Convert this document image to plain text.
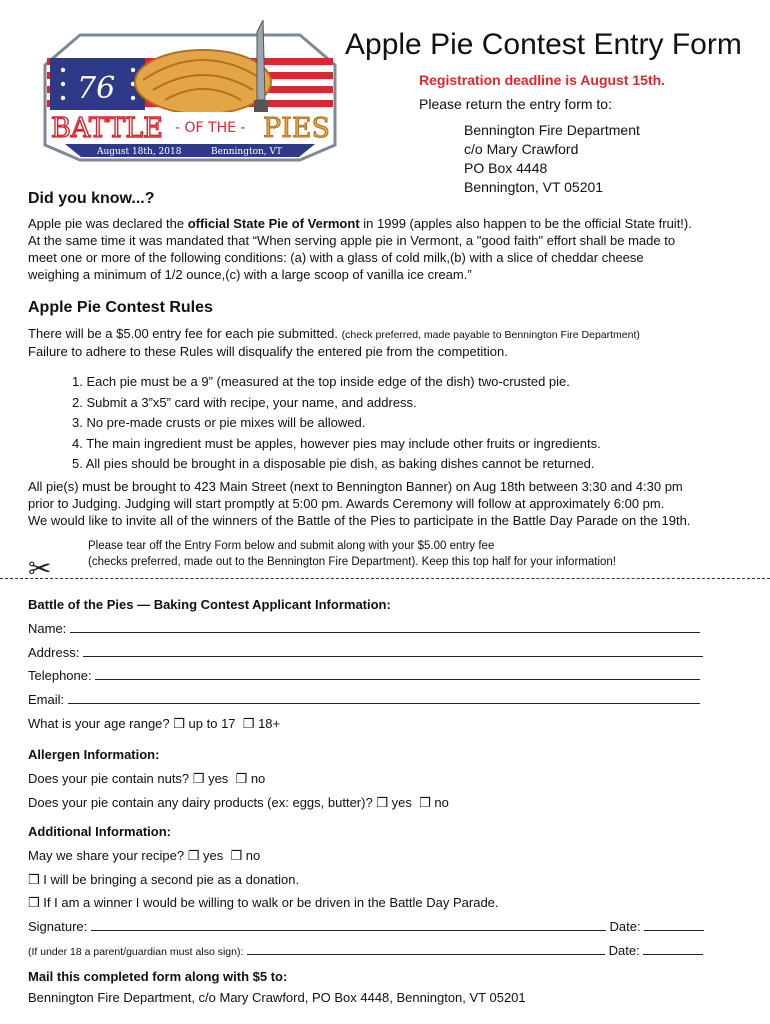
76
BATTLE - OF THE - PIES
August 18th, 2018	Bennington, VT
Apple Pie Contest Entry Form
Registration deadline is August 15th.
Please return the entry form to:
Bennington Fire Department
c/o Mary Crawford
PO Box 4448
Bennington, VT 05201
Did you know...?
Apple pie was declared the official State Pie of Vermont in 1999 (apples also happen to be the official State fruit!).
At the same time it was mandated that “When serving apple pie in Vermont, a "good faith" effort shall be made to
meet one or more of the following conditions: (a) with a glass of cold milk,(b) with a slice of cheddar cheese
weighing a minimum of 1/2 ounce,(c) with a large scoop of vanilla ice cream.”
Apple Pie Contest Rules
There will be a $5.00 entry fee for each pie submitted. (check preferred, made payable to Bennington Fire Department)
Failure to adhere to these Rules will disqualify the entered pie from the competition.
1. Each pie must be a 9” (measured at the top inside edge of the dish) two-crusted pie.
2. Submit a 3”x5” card with recipe, your name, and address.
3. No pre-made crusts or pie mixes will be allowed.
4. The main ingredient must be apples, however pies may include other fruits or ingredients.
5. All pies should be brought in a disposable pie dish, as baking dishes cannot be returned.
All pie(s) must be brought to 423 Main Street (next to Bennington Banner) on Aug 18th between 3:30 and 4:30 pm
prior to Judging. Judging will start promptly at 5:00 pm. Awards Ceremony will follow at approximately 6:00 pm.
We would like to invite all of the winners of the Battle of the Pies to participate in the Battle Day Parade on the 19th.
✂
Please tear off the Entry Form below and submit along with your $5.00 entry fee
(checks preferred, made out to the Bennington Fire Department). Keep this top half for your information!
Battle of the Pies — Baking Contest Applicant Information:
Name:
Address:
Telephone:
Email:
What is your age range? ❒ up to 17 ❒ 18+
Allergen Information:
Does your pie contain nuts? ❒ yes ❒ no
Does your pie contain any dairy products (ex: eggs, butter)? ❒ yes ❒ no
Additional Information:
May we share your recipe? ❒ yes ❒ no
❒ I will be bringing a second pie as a donation.
❒ If I am a winner I would be willing to walk or be driven in the Battle Day Parade.
Signature:	Date:
(If under 18 a parent/guardian must also sign):	Date:
Mail this completed form along with $5 to:
Bennington Fire Department, c/o Mary Crawford, PO Box 4448, Bennington, VT 05201
